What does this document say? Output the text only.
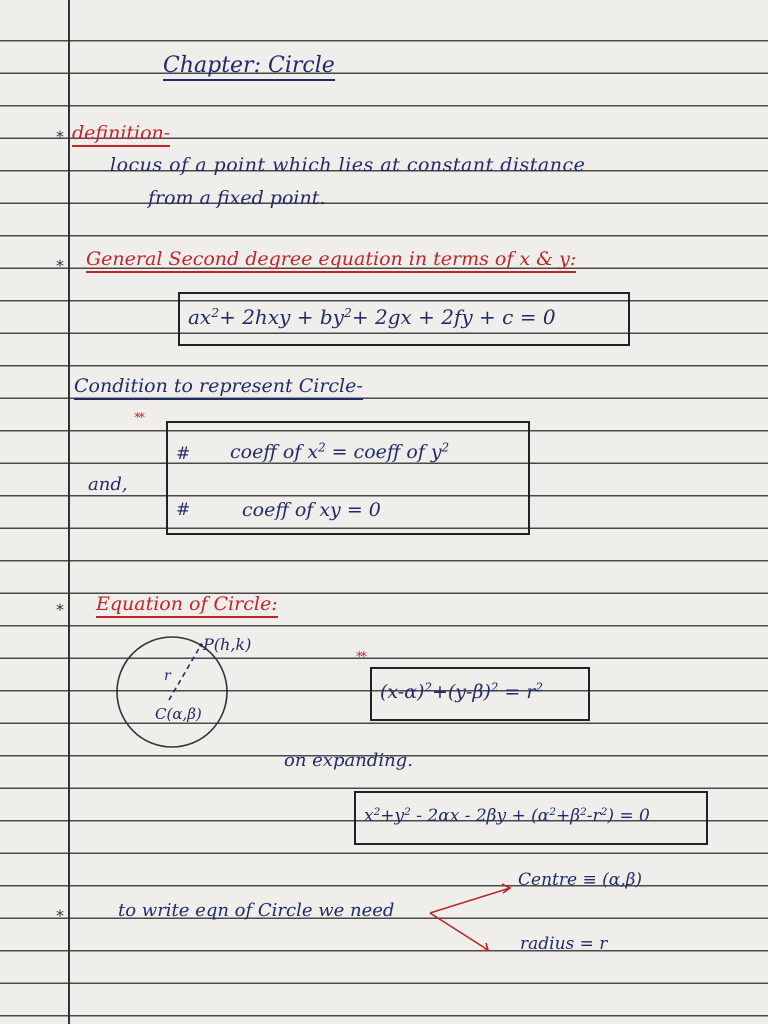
Chapter: Circle
* definition-
locus of a point which lies at constant distance
from a fixed point.
* General Second degree equation in terms of x & y:
$ax^2+ 2hxy + by^2+ 2gx + 2fy + c = 0$
Condition to represent Circle-
**
and,
# coeff of $x^2$ = coeff of $y^2$
#	coeff of xy = 0
* Equation of Circle:
P(h,k)
r
C(α,β)
**
$(x-\alpha)^2+(y-\beta)^2 = r^2$
on expanding.
$x^2+y^2 - 2\alpha x - 2\beta y + (\alpha^2+\beta^2-r^2) = 0$
*	to write eqn of Circle we need
Centre ≡ (α,β)
radius = r
